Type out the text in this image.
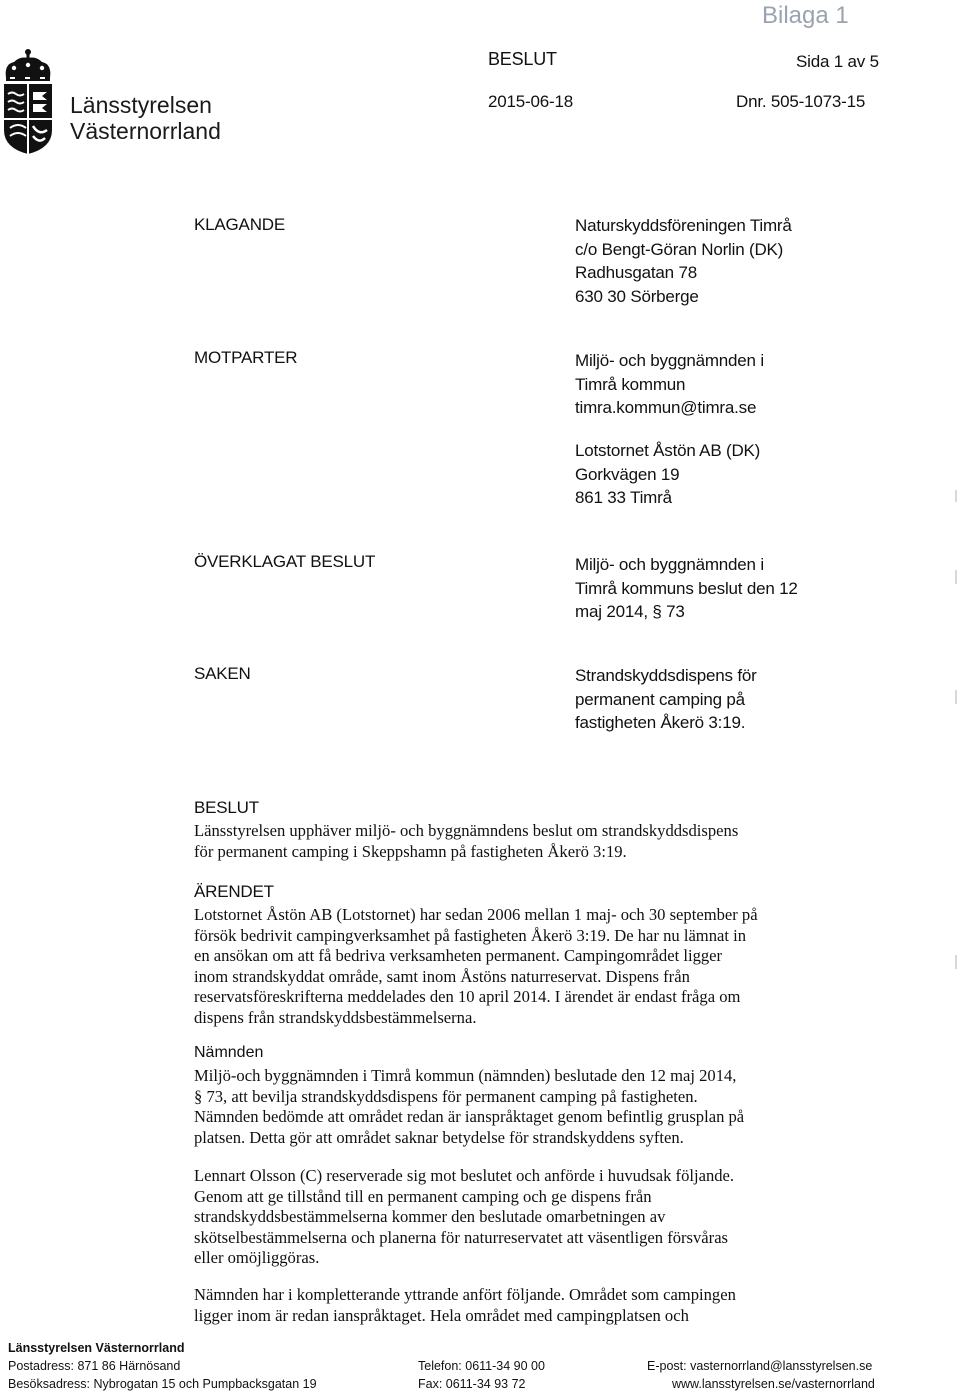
Bilaga 1
Länsstyrelsen
Västernorrland
BESLUT	Sida 1 av 5
2015-06-18	Dnr. 505-1073-15
KLAGANDE	Naturskyddsföreningen Timrå
c/o Bengt-Göran Norlin (DK)
Radhusgatan 78
630 30 Sörberge
MOTPARTER	Miljö- och byggnämnden i
Timrå kommun
timra.kommun@timra.se
Lotstornet Åstön AB (DK)
Gorkvägen 19
861 33 Timrå
ÖVERKLAGAT BESLUT	Miljö- och byggnämnden i
Timrå kommuns beslut den 12
maj 2014, § 73
SAKEN	Strandskyddsdispens för
permanent camping på
fastigheten Åkerö 3:19.
BESLUT
Länsstyrelsen upphäver miljö- och byggnämndens beslut om strandskyddsdispens
för permanent camping i Skeppshamn på fastigheten Åkerö 3:19.
ÄRENDET
Lotstornet Åstön AB (Lotstornet) har sedan 2006 mellan 1 maj- och 30 september på
försök bedrivit campingverksamhet på fastigheten Åkerö 3:19. De har nu lämnat in
en ansökan om att få bedriva verksamheten permanent. Campingområdet ligger
inom strandskyddat område, samt inom Åstöns naturreservat. Dispens från
reservatsföreskrifterna meddelades den 10 april 2014. I ärendet är endast fråga om
dispens från strandskyddsbestämmelserna.
Nämnden
Miljö-och byggnämnden i Timrå kommun (nämnden) beslutade den 12 maj 2014,
§ 73, att bevilja strandskyddsdispens för permanent camping på fastigheten.
Nämnden bedömde att området redan är ianspråktaget genom befintlig grusplan på
platsen. Detta gör att området saknar betydelse för strandskyddens syften.
Lennart Olsson (C) reserverade sig mot beslutet och anförde i huvudsak följande.
Genom att ge tillstånd till en permanent camping och ge dispens från
strandskyddsbestämmelserna kommer den beslutade omarbetningen av
skötselbestämmelserna och planerna för naturreservatet att väsentligen försvåras
eller omöjliggöras.
Nämnden har i kompletterande yttrande anfört följande. Området som campingen
ligger inom är redan ianspråktaget. Hela området med campingplatsen och
Länsstyrelsen Västernorrland
Postadress: 871 86 Härnösand
Besöksadress: Nybrogatan 15 och Pumpbacksgatan 19
Telefon: 0611-34 90 00
Fax: 0611-34 93 72
E-post: vasternorrland@lansstyrelsen.se
www.lansstyrelsen.se/vasternorrland
